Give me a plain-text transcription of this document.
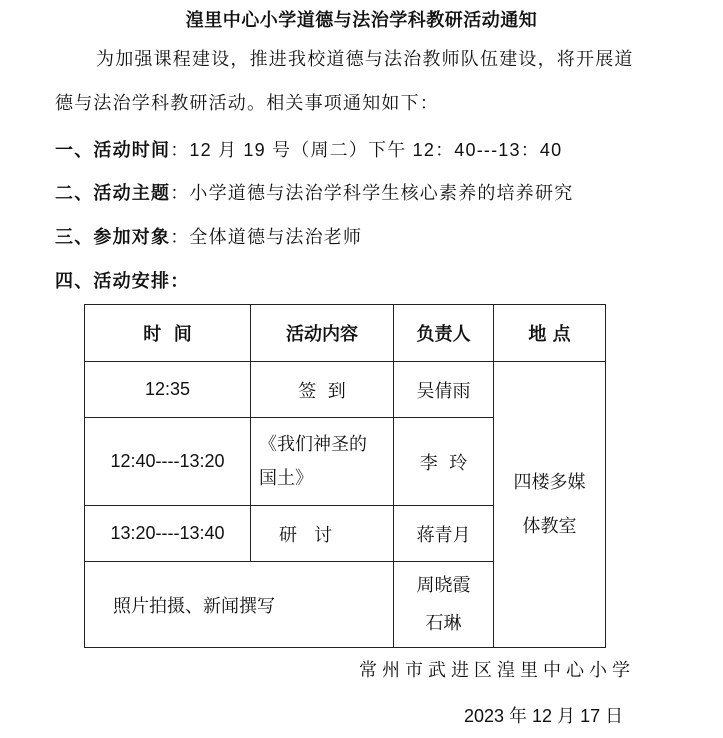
湟里中心小学道德与法治学科教研活动通知
为加强课程建设，推进我校道德与法治教师队伍建设，将开展道
德与法治学科教研活动。相关事项通知如下：
一、活动时间：12 月 19 号（周二）下午 12：40---13：40
二、活动主题：小学道德与法治学科学生核心素养的培养研究
三、参加对象：全体道德与法治老师
四、活动安排：
时  间	活动内容	负责人	地 点
12:35	签  到	吴倩雨	四楼多媒
体教室

12:40----13:20	《我们神圣的
国土》	李  玲	
13:20----13:40	研   讨	蒋青月	
照片拍摄、新闻撰写		周晓霞
石琳	
常州市武进区湟里中心小学
2023 年 12 月 17 日
